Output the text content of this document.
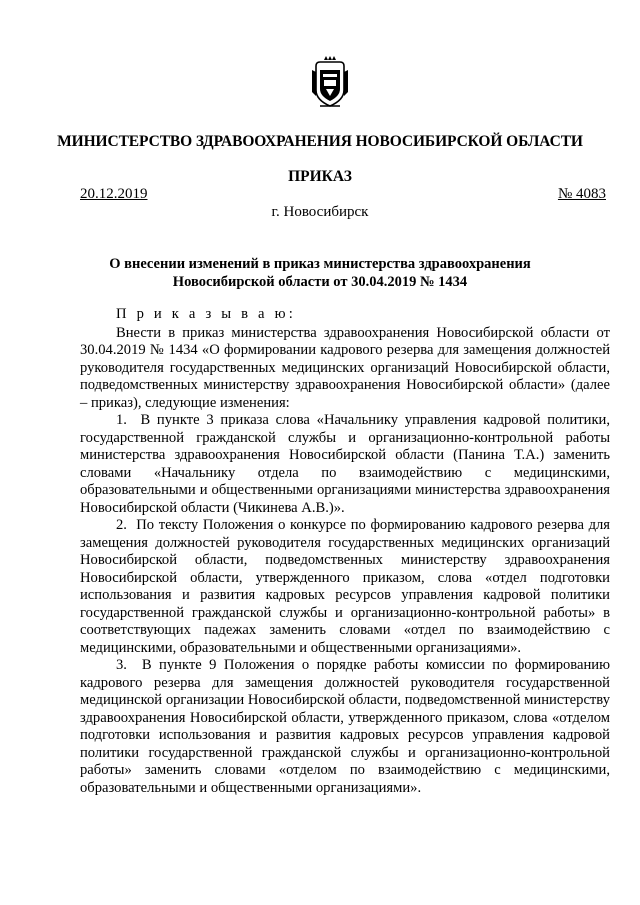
МИНИСТЕРСТВО ЗДРАВООХРАНЕНИЯ НОВОСИБИРСКОЙ ОБЛАСТИ
ПРИКАЗ
20.12.2019	№ 4083
г. Новосибирск
О внесении изменений в приказ министерства здравоохранения
Новосибирской области от 30.04.2019 № 1434

П р и к а з ы в а ю:

Внести в приказ министерства здравоохранения Новосибирской области от 30.04.2019 № 1434 «О формировании кадрового резерва для замещения должностей руководителя государственных медицинских организаций Новосибирской области, подведомственных министерству здравоохранения Новосибирской области» (далее – приказ), следующие изменения:

1.  В пункте 3 приказа слова «Начальнику управления кадровой политики, государственной гражданской службы и организационно-контрольной работы министерства здравоохранения Новосибирской области (Панина Т.А.) заменить словами «Начальнику отдела по взаимодействию с медицинскими, образовательными и общественными организациями министерства здравоохранения Новосибирской области (Чикинева А.В.)».

2.  По тексту Положения о конкурсе по формированию кадрового резерва для замещения должностей руководителя государственных медицинских организаций Новосибирской области, подведомственных министерству здравоохранения Новосибирской области, утвержденного приказом, слова «отдел подготовки использования и развития кадровых ресурсов управления кадровой политики государственной гражданской службы и организационно-контрольной работы» в соответствующих падежах заменить словами «отдел по взаимодействию с медицинскими, образовательными и общественными организациями».

3.  В пункте 9 Положения о порядке работы комиссии по формированию кадрового резерва для замещения должностей руководителя государственной медицинской организации Новосибирской области, подведомственной министерству здравоохранения Новосибирской области, утвержденного приказом, слова «отделом подготовки использования и развития кадровых ресурсов управления кадровой политики государственной гражданской службы и организационно-контрольной работы» заменить словами «отделом по взаимодействию с медицинскими, образовательными и общественными организациями».
